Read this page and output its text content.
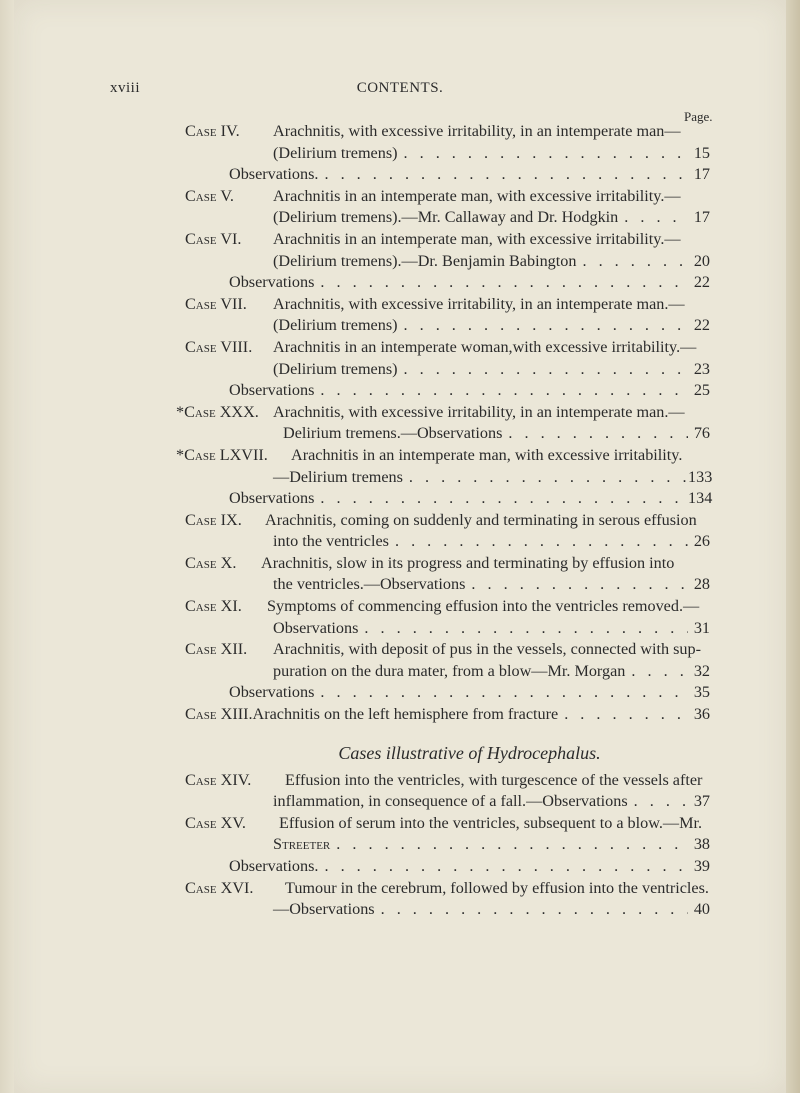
xviii	CONTENTS.
Page.
Case IV. Arachnitis, with excessive irritability, in an intemperate man—
(Delirium tremens) . . .	15
Observations. . . .	17
Case V. Arachnitis in an intemperate man, with excessive irritability.—
(Delirium tremens).—Mr. Callaway and Dr. Hodgkin . . .	17
Case VI. Arachnitis in an intemperate man, with excessive irritability.—
(Delirium tremens).—Dr. Benjamin Babington . . .	20
Observations . . .	22
Case VII. Arachnitis, with excessive irritability, in an intemperate man.—
(Delirium tremens) . . .	22
Case VIII. Arachnitis in an intemperate woman,with excessive irritability.—
(Delirium tremens) . . .	23
Observations . . .	25
*Case XXX. Arachnitis, with excessive irritability, in an intemperate man.—
Delirium tremens.—Observations . . .	76
*Case LXVII. Arachnitis in an intemperate man, with excessive irritability.
—Delirium tremens . . .	133
Observations . . .	134
Case IX. Arachnitis, coming on suddenly and terminating in serous effusion
into the ventricles . . .	26
Case X. Arachnitis, slow in its progress and terminating by effusion into
the ventricles.—Observations . . .	28
Case XI. Symptoms of commencing effusion into the ventricles removed.—
Observations . . .	31
Case XII. Arachnitis, with deposit of pus in the vessels, connected with sup-
puration on the dura mater, from a blow—Mr. Morgan . . .	32
Observations . . .	35
Case XIII. Arachnitis on the left hemisphere from fracture . . .	36
Cases illustrative of Hydrocephalus.
Case XIV. Effusion into the ventricles, with turgescence of the vessels after
inflammation, in consequence of a fall.—Observations . . .	37
Case XV. Effusion of serum into the ventricles, subsequent to a blow.—Mr.
Streeter . . .	38
Observations. . . .	39
Case XVI. Tumour in the cerebrum, followed by effusion into the ventricles.
—Observations . . .	40
